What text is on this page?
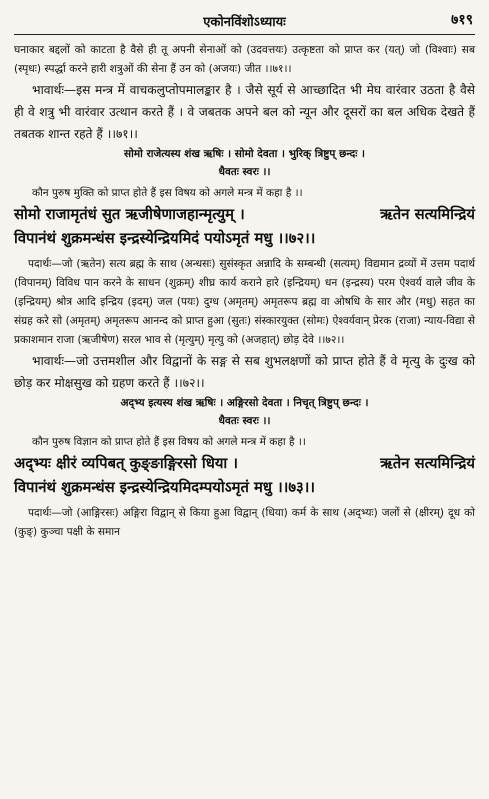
एकोनविंशोऽध्यायः	७१९

घनाकार बद्दलों को काटता है वैसे ही तू अपनी सेनाओं को (उदवत्तयः) उत्कृष्टता को प्राप्त कर (यत्) जो (विश्वाः) सब (स्पृधः) स्पर्द्धा करने हारी शत्रुओं की सेना हैं उन को (अजयः) जीत ।।७१।।

भावार्थः—इस मन्त्र में वाचकलुप्तोपमालङ्कार है । जैसे सूर्य से आच्छादित भी मेघ वारंवार उठता है वैसे ही वे शत्रु भी वारंवार उत्थान करते हैं । वे जबतक अपने बल को न्यून और दूसरों का बल अधिक देखते हैं तबतक शान्त रहते हैं ।।७१।।

सोमो राजेत्यस्य शंख ऋषिः । सोमो देवता । भुरिक् त्रिष्टुप् छन्दः ।

धैवतः स्वरः ।।

कौन पुरुष मुक्ति को प्राप्त होते हैं इस विषय को अगले मन्त्र में कहा है ।।

सोमो राजामृतंधं सुत ऋजीषेणाजहान्मृत्युम् ।	ऋतेन सत्यमिन्द्रियं
विपानंथं शुक्रमन्धंस इन्द्रस्येन्द्रियमिदं पयोऽमृतं मधु ।।७२।।

पदार्थः—जो (ऋतेन) सत्य ब्रह्म के साथ (अन्धसः) सुसंस्कृत अन्नादि के सम्बन्धी (सत्यम्) विद्यमान द्रव्यों में उत्तम पदार्थ (विपानम्) विविध पान करने के साधन (शुक्रम्) शीघ्र कार्य कराने हारे (इन्द्रियम्) धन (इन्द्रस्य) परम ऐश्वर्य वाले जीव के (इन्द्रियम्) श्रोत्र आदि इन्द्रिय (इदम्) जल (पयः) दुग्ध (अमृतम्) अमृतरूप ब्रह्म वा ओषधि के सार और (मधु) सहत का संग्रह करे सो (अमृतम्) अमृतरूप आनन्द को प्राप्त हुआ (सुतः) संस्कारयुक्त (सोमः) ऐश्वर्यवान् प्रेरक (राजा) न्याय-विद्या से प्रकाशमान राजा (ऋजीषेण) सरल भाव से (मृत्युम्) मृत्यु को (अजहात्) छोड़ देवे ।।७२।।

भावार्थः—जो उत्तमशील और विद्वानों के सङ्ग से सब शुभलक्षणों को प्राप्त होते हैं वे मृत्यु के दुःख को छोड़ कर मोक्षसुख को ग्रहण करते हैं ।।७२।।

अद्भ्य इत्यस्य शंख ऋषिः । अङ्गिरसो देवता । निचृत् त्रिष्टुप् छन्दः ।

धैवतः स्वरः ।।

कौन पुरुष विज्ञान को प्राप्त होते हैं इस विषय को अगले मन्त्र में कहा है ।।

अद्भ्यः क्षीरं व्यपिबत् कुङ्ङाङ्गिरसो धिया ।	ऋतेन सत्यमिन्द्रियं
विपानंथं शुक्रमन्धंस इन्द्रस्येन्द्रियमिदम्पयोऽमृतं मधु ।।७३।।

पदार्थः—जो (आङ्गिरसः) अङ्गिरा विद्वान् से किया हुआ विद्वान् (धिया) कर्म के साथ (अद्भ्यः) जलों से (क्षीरम्) दूध को (कुङ्) कुञ्चा पक्षी के समान
